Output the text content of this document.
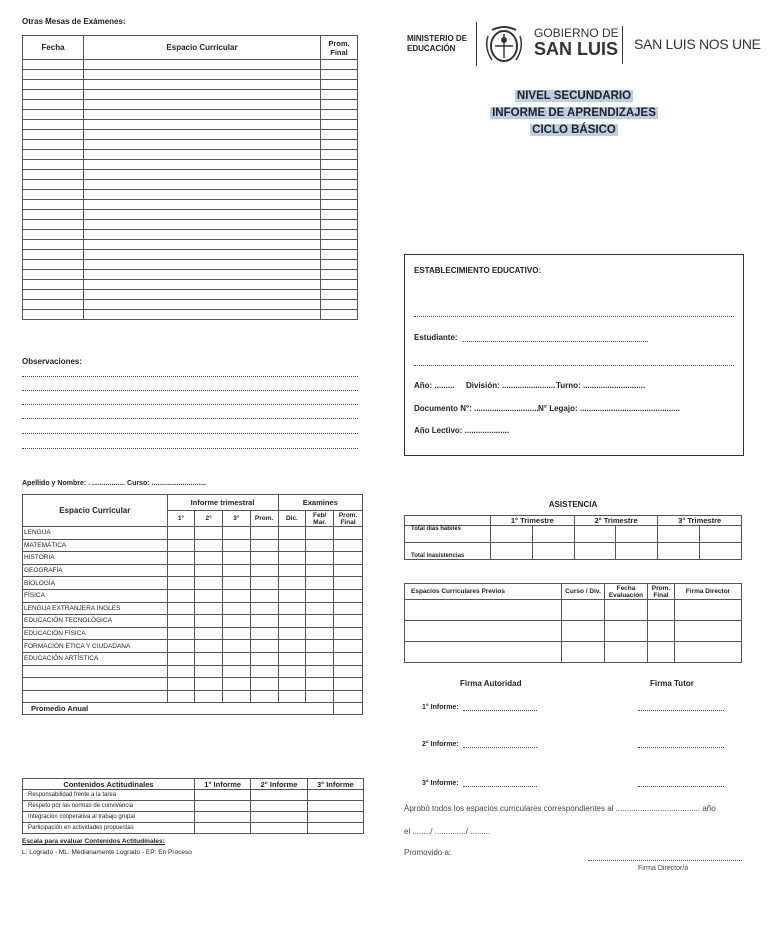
Otras Mesas de Exámenes:
Fecha	Espacio Curricular	Prom. Final

Observaciones:
Apellido y Nombre: . ................. Curso: ............................
Espacio Curricular	Informe trimestral				Examines		
	1°	2°	3°	Prom.	Dic.	Feb/ Mar.	Prom. Final
LENGUA							
MATEMÁTICA							
HISTORIA							
GEOGRAFÍA							
BIOLOGÍA							
FÍSICA							
LENGUA EXTRANJERA INGLES							
EDUCACIÓN TECNOLÓGICA							
EDUCACIÓN FÍSICA							
FORMACIÓN ÉTICA Y CIUDADANA							
EDUCACIÓN ARTÍSTICA							

Promedio Anual							
Contenidos Actitudinales	1° Informe	2° Informe	3° Informe
Responsabilidad frente a la tarea			
Respeto por las normas de convivencia			
Integración cooperativa al trabajo grupal			
Participación en actividades propuestas			
Escala para evaluar Contenidos Actitudinales:
L: Logrado - ML: Medianamente Logrado - EP: En Proceso
MINISTERIO DE EDUCACIÓN
GOBIERNO DE
SAN LUIS SAN LUIS NOS UNE
NIVEL SECUNDARIO
INFORME DE APRENDIZAJES
CICLO BÁSICO
ESTABLECIMIENTO EDUCATIVO:
Estudiante:
Año: ......... División: ........................ Turno: ............................
Documento N°: ............................. N° Legajo: .............................................
Año Lectivo: ....................
ASISTENCIA
	1° Trimestre		2° Trimestre		3° Trimestre	
Total días hábiles						
Total inasistencias						
Espacios Curriculares Previos	Curso / Div.	Fecha Evaluación	Prom. Final	Firma Director

Firma Autoridad	Firma Tutor
1° Informe:
2° Informe:
3° Informe:
Aprobó todos los espacios curriculares correspondientes al ...................................... año
el ......../ ............../ .........
Promovido a:
Firma Director/a
